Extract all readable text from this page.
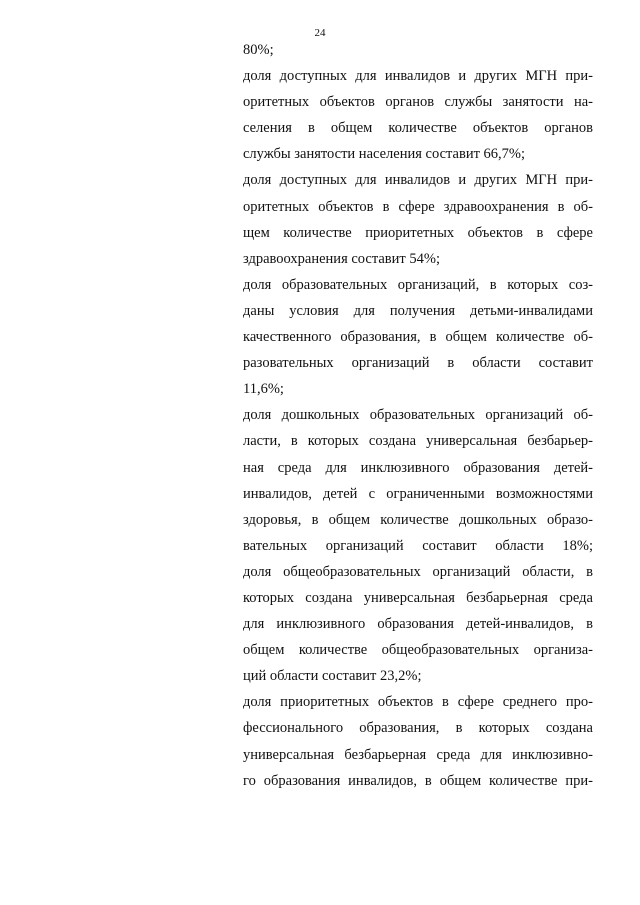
24
80%;
доля доступных для инвалидов и других МГН при-
оритетных объектов органов службы занятости на-
селения в общем количестве объектов органов
службы занятости населения составит 66,7%;
доля доступных для инвалидов и других МГН при-
оритетных объектов в сфере здравоохранения в об-
щем количестве приоритетных объектов в сфере
здравоохранения составит 54%;
доля образовательных организаций, в которых соз-
даны условия для получения детьми-инвалидами
качественного образования, в общем количестве об-
разовательных организаций в области составит
11,6%;
доля дошкольных образовательных организаций об-
ласти, в которых создана универсальная безбарьер-
ная среда для инклюзивного образования детей-
инвалидов, детей с ограниченными возможностями
здоровья, в общем количестве дошкольных образо-
вательных организаций составит области 18%;
доля общеобразовательных организаций области, в
которых создана универсальная безбарьерная среда
для инклюзивного образования детей-инвалидов, в
общем количестве общеобразовательных организа-
ций области составит 23,2%;
доля приоритетных объектов в сфере среднего про-
фессионального образования, в которых создана
универсальная безбарьерная среда для инклюзивно-
го образования инвалидов, в общем количестве при-
